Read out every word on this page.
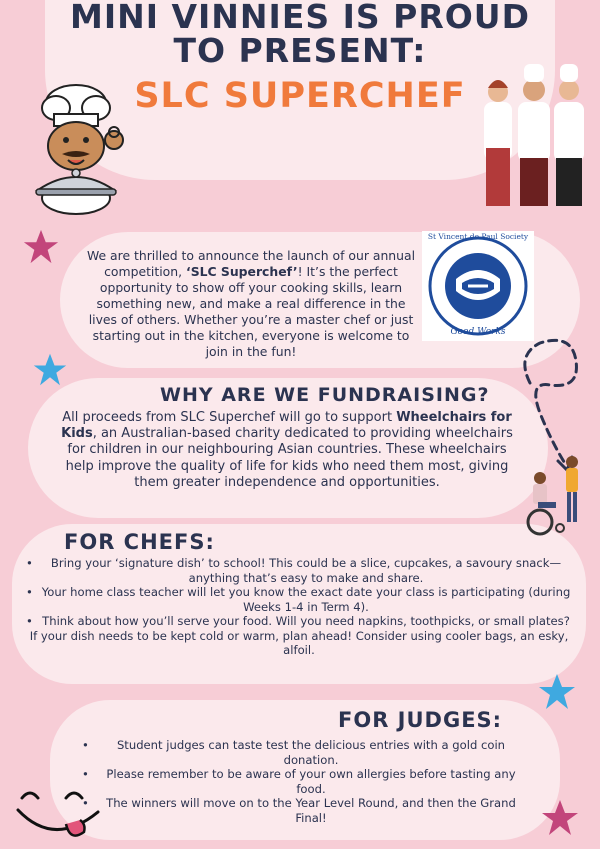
MINI VINNIES IS PROUD
TO PRESENT:
SLC SUPERCHEF
We are thrilled to announce the launch of our annual competition, ‘SLC Superchef’! It’s the perfect opportunity to show off your cooking skills, learn something new, and make a real difference in the lives of others. Whether you’re a master chef or just starting out in the kitchen, everyone is welcome to join in the fun!
St Vincent de Paul Society
Good Works
WHY ARE WE FUNDRAISING?
All proceeds from SLC Superchef will go to support Wheelchairs for Kids, an Australian-based charity dedicated to providing wheelchairs for children in our neighbouring Asian countries. These wheelchairs help improve the quality of life for kids who need them most, giving them greater independence and opportunities.
FOR CHEFS:
• Bring your ‘signature dish’ to school! This could be a slice, cupcakes, a savoury snack—anything that’s easy to make and share.
• Your home class teacher will let you know the exact date your class is participating (during Weeks 1-4 in Term 4).
• Think about how you’ll serve your food. Will you need napkins, toothpicks, or small plates?
If your dish needs to be kept cold or warm, plan ahead! Consider using cooler bags, an esky, alfoil.
FOR JUDGES:
• Student judges can taste test the delicious entries with a gold coin donation.
• Please remember to be aware of your own allergies before tasting any food.
• The winners will move on to the Year Level Round, and then the Grand Final!
